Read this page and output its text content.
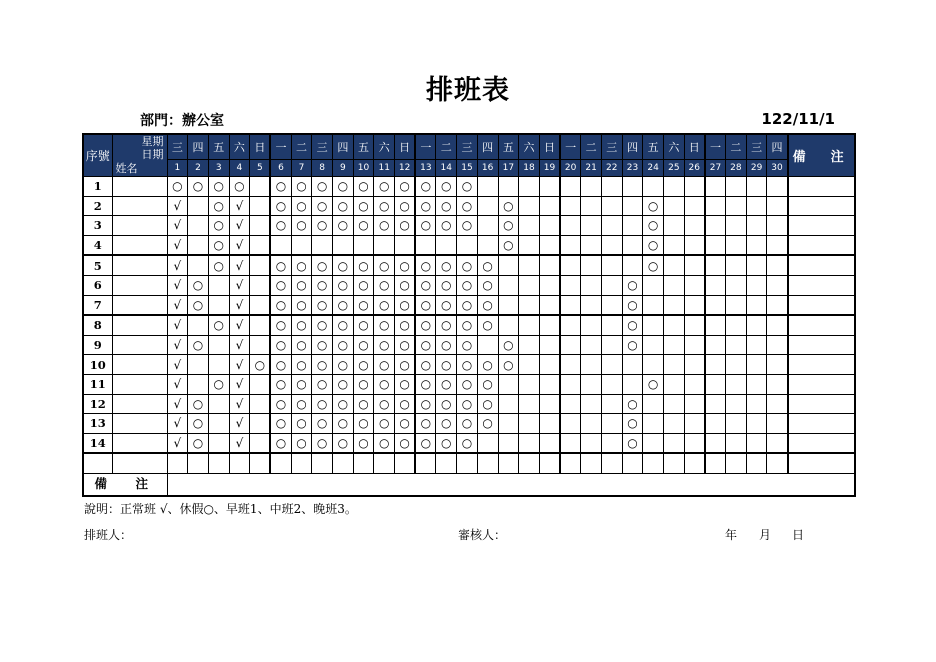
排班表
部門：辦公室	122/11/1
序號	星期
日期
姓名	三	四	五	六	日	一	二	三	四	五	六	日	一	二	三	四	五	六	日	一	二	三	四	五	六	日	一	二	三	四	備　注
		1	2	3	4	5	6	7	8	9	10	11	12	13	14	15	16	17	18	19	20	21	22	23	24	25	26	27	28	29	30	
1		○	○	○	○		○	○	○	○	○	○	○	○	○	○																
2		√		○	√		○	○	○	○	○	○	○	○	○	○		○							○							
3		√		○	√		○	○	○	○	○	○	○	○	○	○		○							○							
4		√		○	√													○							○							
5		√		○	√		○	○	○	○	○	○	○	○	○	○	○								○							
6		√	○		√		○	○	○	○	○	○	○	○	○	○	○							○								
7		√	○		√		○	○	○	○	○	○	○	○	○	○	○							○								
8		√		○	√		○	○	○	○	○	○	○	○	○	○	○							○								
9		√	○		√		○	○	○	○	○	○	○	○	○	○		○						○								
10		√			√	○	○	○	○	○	○	○	○	○	○	○	○	○														
11		√		○	√		○	○	○	○	○	○	○	○	○	○	○								○							
12		√	○		√		○	○	○	○	○	○	○	○	○	○	○							○								
13		√	○		√		○	○	○	○	○	○	○	○	○	○	○							○								
14		√	○		√		○	○	○	○	○	○	○	○	○	○								○								

備　注																																
說明：正常班 √、休假○、早班1、中班2、晚班3。
排班人：	審核人：	年 月 日
